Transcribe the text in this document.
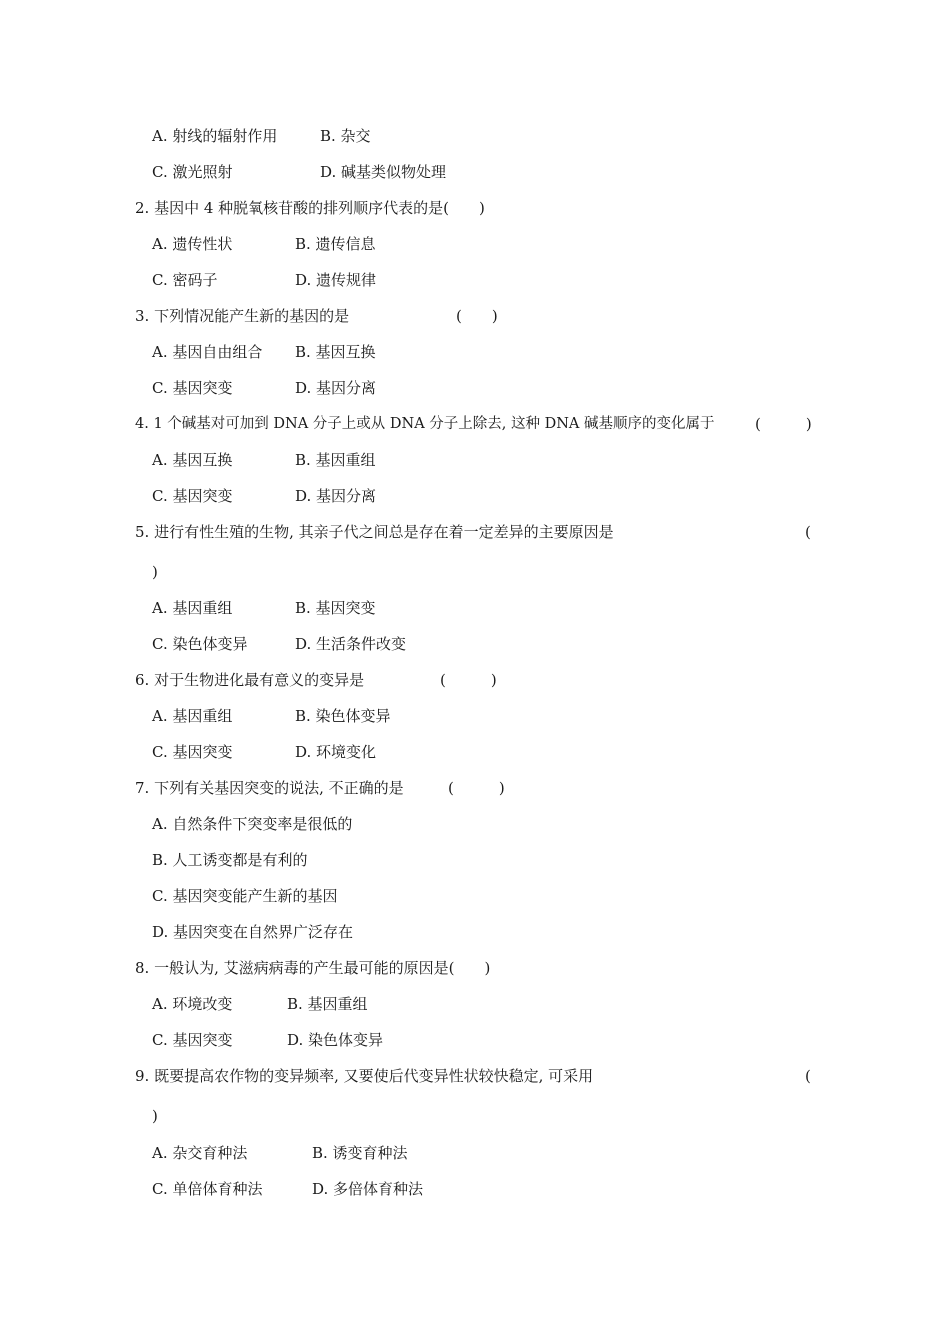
A. 射线的辐射作用	B. 杂交
C. 激光照射	D. 碱基类似物处理
2. 基因中 4 种脱氧核苷酸的排列顺序代表的是(　　)
A. 遗传性状	B. 遗传信息
C. 密码子	D. 遗传规律
3. 下列情况能产生新的基因的是	(　　)
A. 基因自由组合 B. 基因互换
C. 基因突变	D. 基因分离
4. 1 个碱基对可加到 DNA 分子上或从 DNA 分子上除去, 这种 DNA 碱基顺序的变化属于	(　　　)
A. 基因互换	B. 基因重组
C. 基因突变	D. 基因分离
5. 进行有性生殖的生物, 其亲子代之间总是存在着一定差异的主要原因是	(
)
A. 基因重组	B. 基因突变
C. 染色体变异	D. 生活条件改变
6. 对于生物进化最有意义的变异是	(　　　)
A. 基因重组	B. 染色体变异
C. 基因突变	D. 环境变化
7. 下列有关基因突变的说法, 不正确的是	(　　　)
A. 自然条件下突变率是很低的
B. 人工诱变都是有利的
C. 基因突变能产生新的基因
D. 基因突变在自然界广泛存在
8. 一般认为, 艾滋病病毒的产生最可能的原因是(　　)
A. 环境改变	B. 基因重组
C. 基因突变	D. 染色体变异
9. 既要提高农作物的变异频率, 又要使后代变异性状较快稳定, 可采用	(
)
A. 杂交育种法	B. 诱变育种法
C. 单倍体育种法	D. 多倍体育种法
